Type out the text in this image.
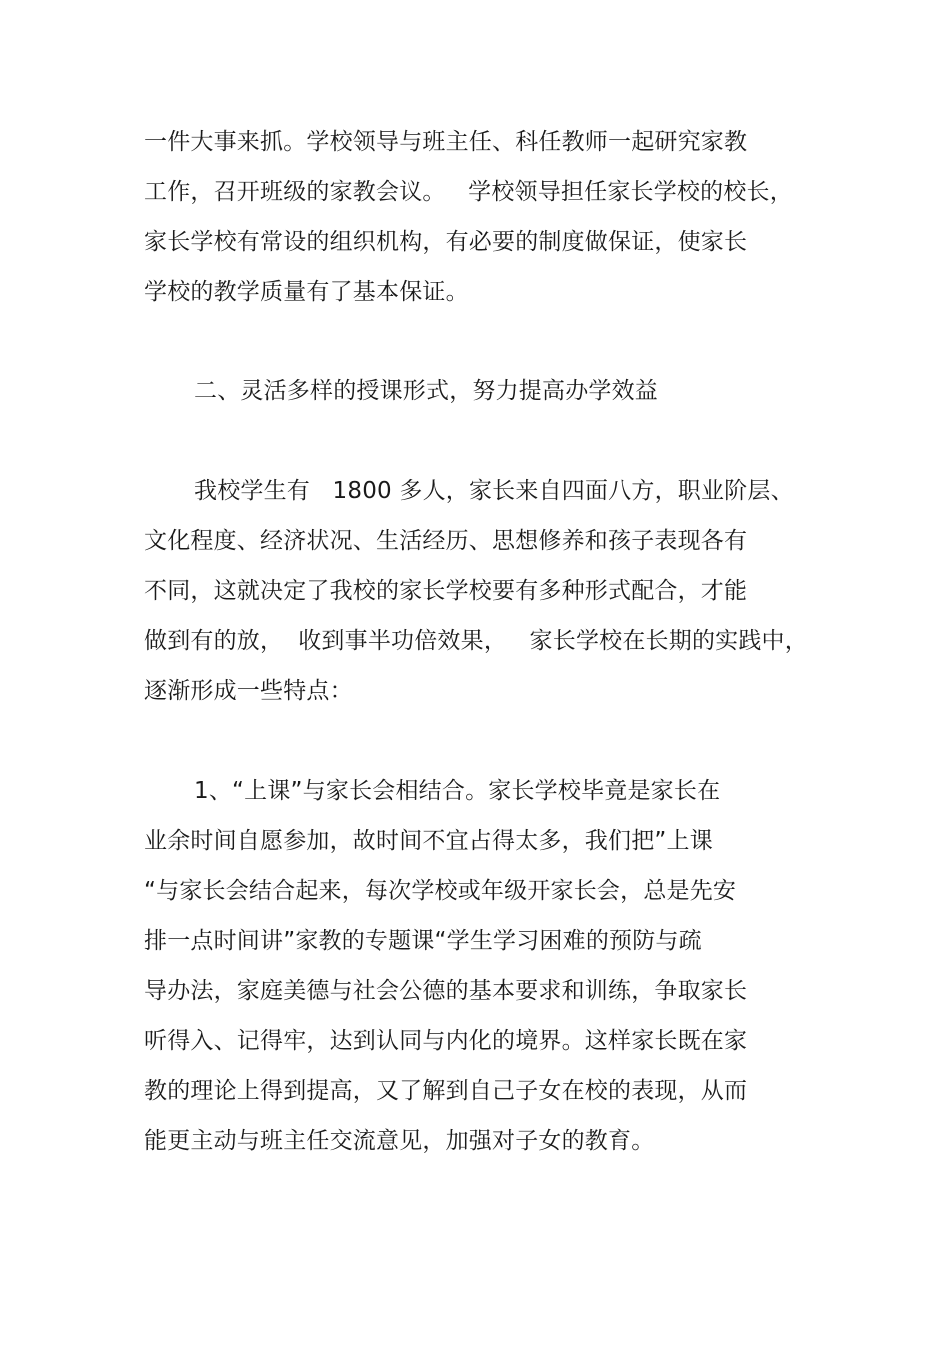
一件大事来抓。学校领导与班主任、科任教师一起研究家教
工作，召开班级的家教会议。   学校领导担任家长学校的校长，
家长学校有常设的组织机构，有必要的制度做保证，使家长
学校的教学质量有了基本保证。
二、灵活多样的授课形式，努力提高办学效益
我校学生有   1800 多人，家长来自四面八方，职业阶层、
文化程度、经济状况、生活经历、思想修养和孩子表现各有
不同，这就决定了我校的家长学校要有多种形式配合，才能
做到有的放，  收到事半功倍效果，   家长学校在长期的实践中，
逐渐形成一些特点：
1、“上课”与家长会相结合。家长学校毕竟是家长在
业余时间自愿参加，故时间不宜占得太多，我们把”上课
“与家长会结合起来，每次学校或年级开家长会，总是先安
排一点时间讲”家教的专题课“学生学习困难的预防与疏
导办法，家庭美德与社会公德的基本要求和训练，争取家长
听得入、记得牢，达到认同与内化的境界。这样家长既在家
教的理论上得到提高，又了解到自己子女在校的表现，从而
能更主动与班主任交流意见，加强对子女的教育。
